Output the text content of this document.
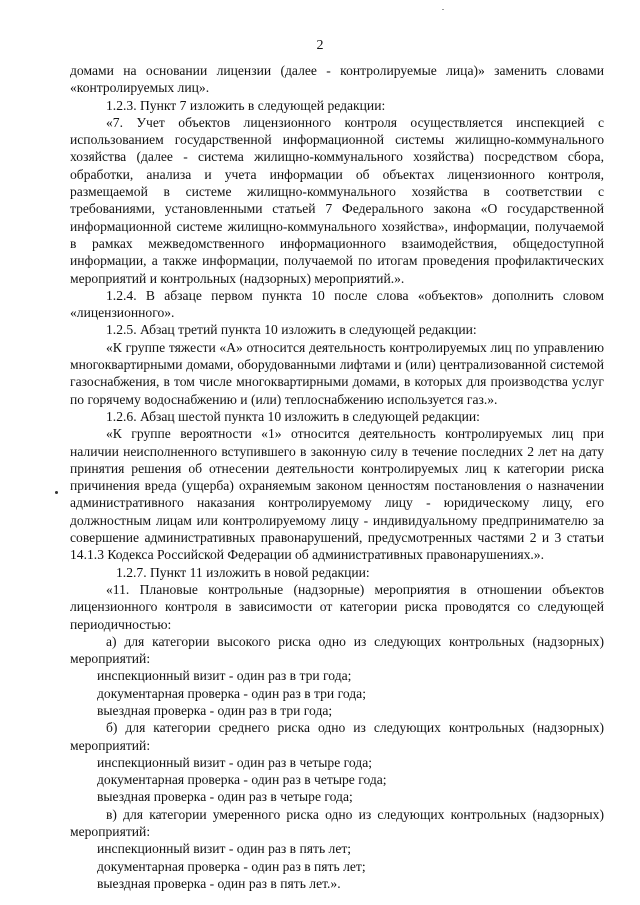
2
домами на основании лицензии (далее - контролируемые лица)» заменить словами
«контролируемых лиц».
1.2.3. Пункт 7 изложить в следующей редакции:
«7. Учет объектов лицензионного контроля осуществляется инспекцией с
использованием государственной информационной системы жилищно-коммунального
хозяйства (далее - система жилищно-коммунального хозяйства) посредством сбора,
обработки, анализа и учета информации об объектах лицензионного контроля,
размещаемой в системе жилищно-коммунального хозяйства в соответствии с
требованиями, установленными статьей 7 Федерального закона «О государственной
информационной системе жилищно-коммунального хозяйства», информации, получаемой
в рамках межведомственного информационного взаимодействия, общедоступной
информации, а также информации, получаемой по итогам проведения профилактических
мероприятий и контрольных (надзорных) мероприятий.».
1.2.4. В абзаце первом пункта 10 после слова «объектов» дополнить словом
«лицензионного».
1.2.5. Абзац третий пункта 10 изложить в следующей редакции:
«К группе тяжести «А» относится деятельность контролируемых лиц по управлению
многоквартирными домами, оборудованными лифтами и (или) централизованной системой
газоснабжения, в том числе многоквартирными домами, в которых для производства услуг
по горячему водоснабжению и (или) теплоснабжению используется газ.».
1.2.6. Абзац шестой пункта 10 изложить в следующей редакции:
«К группе вероятности «1» относится деятельность контролируемых лиц при
наличии неисполненного вступившего в законную силу в течение последних 2 лет на дату
принятия решения об отнесении деятельности контролируемых лиц к категории риска
причинения вреда (ущерба) охраняемым законом ценностям постановления о назначении
административного наказания контролируемому лицу - юридическому лицу, его
должностным лицам или контролируемому лицу - индивидуальному предпринимателю за
совершение административных правонарушений, предусмотренных частями 2 и 3 статьи
14.1.3 Кодекса Российской Федерации об административных правонарушениях.».
1.2.7. Пункт 11 изложить в новой редакции:
«11. Плановые контрольные (надзорные) мероприятия в отношении объектов
лицензионного контроля в зависимости от категории риска проводятся со следующей
периодичностью:
а) для категории высокого риска одно из следующих контрольных (надзорных)
мероприятий:
инспекционный визит - один раз в три года;
документарная проверка - один раз в три года;
выездная проверка - один раз в три года;
б) для категории среднего риска одно из следующих контрольных (надзорных)
мероприятий:
инспекционный визит - один раз в четыре года;
документарная проверка - один раз в четыре года;
выездная проверка - один раз в четыре года;
в) для категории умеренного риска одно из следующих контрольных (надзорных)
мероприятий:
инспекционный визит - один раз в пять лет;
документарная проверка - один раз в пять лет;
выездная проверка - один раз в пять лет.».
